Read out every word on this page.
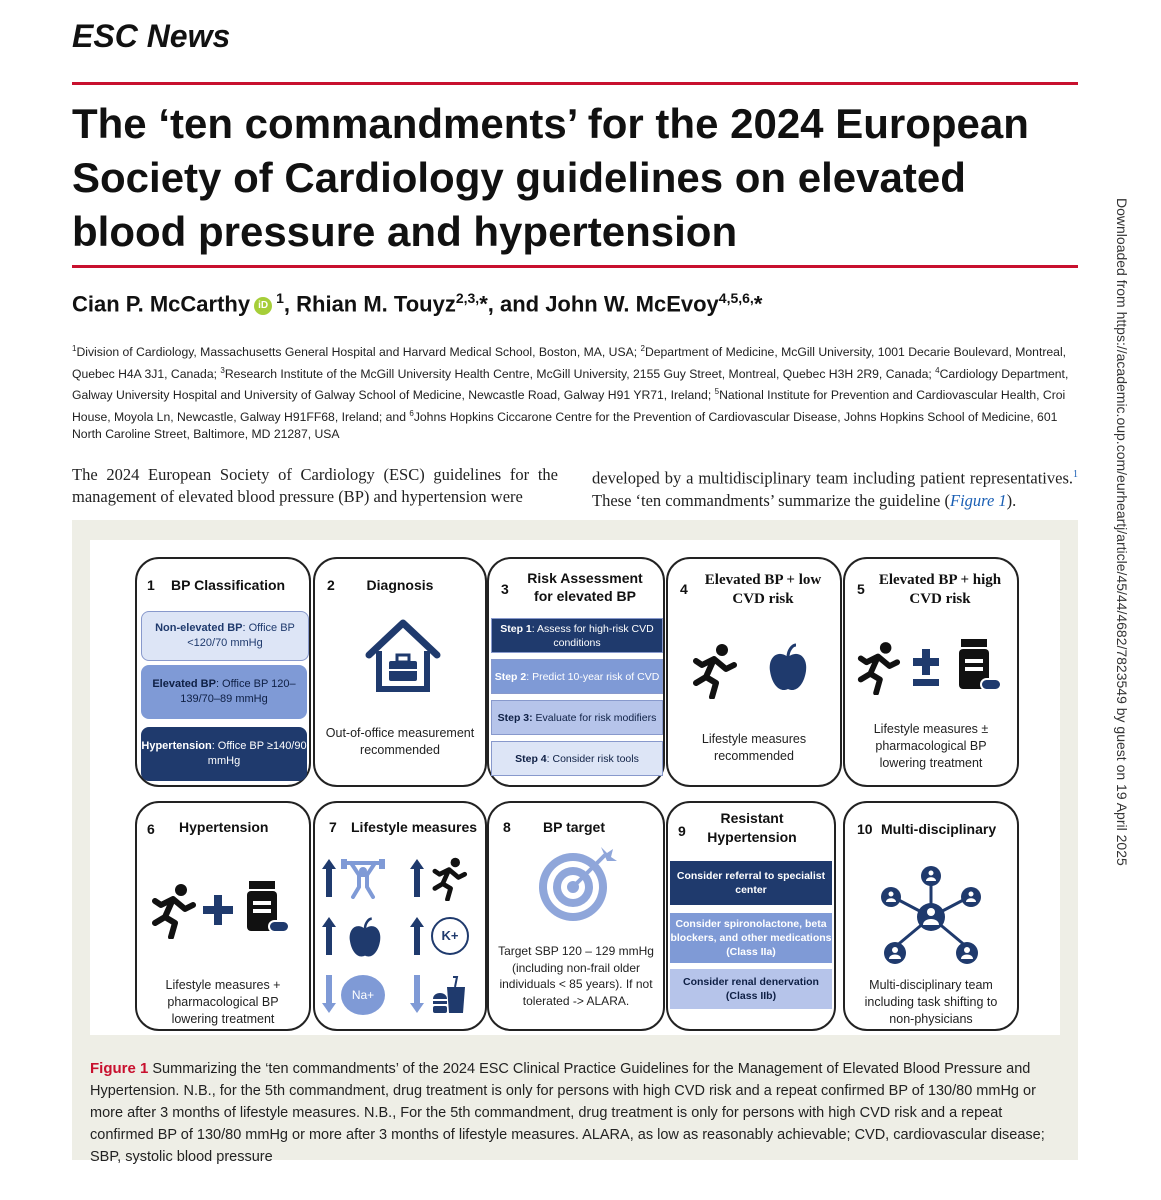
ESC News
The ‘ten commandments’ for the 2024 European Society of Cardiology guidelines on elevated blood pressure and hypertension
Cian P. McCarthy iD $^1$, Rhian M. Touyz$^{2,3,}$*, and John W. McEvoy$^{4,5,6,}$*
$^1$Division of Cardiology, Massachusetts General Hospital and Harvard Medical School, Boston, MA, USA; $^2$Department of Medicine, McGill University, 1001 Decarie Boulevard, Montreal, Quebec H4A 3J1, Canada; $^3$Research Institute of the McGill University Health Centre, McGill University, 2155 Guy Street, Montreal, Quebec H3H 2R9, Canada; $^4$Cardiology Department, Galway University Hospital and University of Galway School of Medicine, Newcastle Road, Galway H91 YR71, Ireland; $^5$National Institute for Prevention and Cardiovascular Health, Croi House, Moyola Ln, Newcastle, Galway H91FF68, Ireland; and $^6$Johns Hopkins Ciccarone Centre for the Prevention of Cardiovascular Disease, Johns Hopkins School of Medicine, 601 North Caroline Street, Baltimore, MD 21287, USA
The 2024 European Society of Cardiology (ESC) guidelines for the management of elevated blood pressure (BP) and hypertension were
developed by a multidisciplinary team including patient representatives.$^1$ These ‘ten commandments’ summarize the guideline (Figure 1).
1 BP Classification
Non-elevated BP: Office BP <120/70 mmHg
Elevated BP: Office BP 120–139/70–89 mmHg
Hypertension: Office BP ≥140/90 mmHg
2 Diagnosis
Out-of-office measurement recommended
3
Risk Assessment for elevated BP
Step 1: Assess for high-risk CVD conditions
Step 2: Predict 10-year risk of CVD
Step 3: Evaluate for risk modifiers
Step 4: Consider risk tools
4
Elevated BP + low CVD risk
Lifestyle measures recommended
5
Elevated BP + high CVD risk
Lifestyle measures ± pharmacological BP lowering treatment
6 Hypertension
Lifestyle measures + pharmacological BP lowering treatment
7 Lifestyle measures
K+
Na+
8	BP target
Target SBP 120 – 129 mmHg (including non-frail older individuals < 85 years). If not tolerated -> ALARA.
9
Resistant Hypertension
Consider referral to specialist center
Consider spironolactone, beta blockers, and other medications (Class IIa)
Consider renal denervation (Class IIb)
10 Multi-disciplinary
Multi-disciplinary team including task shifting to non-physicians
Figure 1 Summarizing the ‘ten commandments’ of the 2024 ESC Clinical Practice Guidelines for the Management of Elevated Blood Pressure and Hypertension. N.B., for the 5th commandment, drug treatment is only for persons with high CVD risk and a repeat confirmed BP of 130/80 mmHg or more after 3 months of lifestyle measures. N.B., For the 5th commandment, drug treatment is only for persons with high CVD risk and a repeat confirmed BP of 130/80 mmHg or more after 3 months of lifestyle measures. ALARA, as low as reasonably achievable; CVD, cardiovascular disease; SBP, systolic blood pressure
Downloaded from https://academic.oup.com/eurheartj/article/45/44/4682/7823549 by guest on 19 April 2025
